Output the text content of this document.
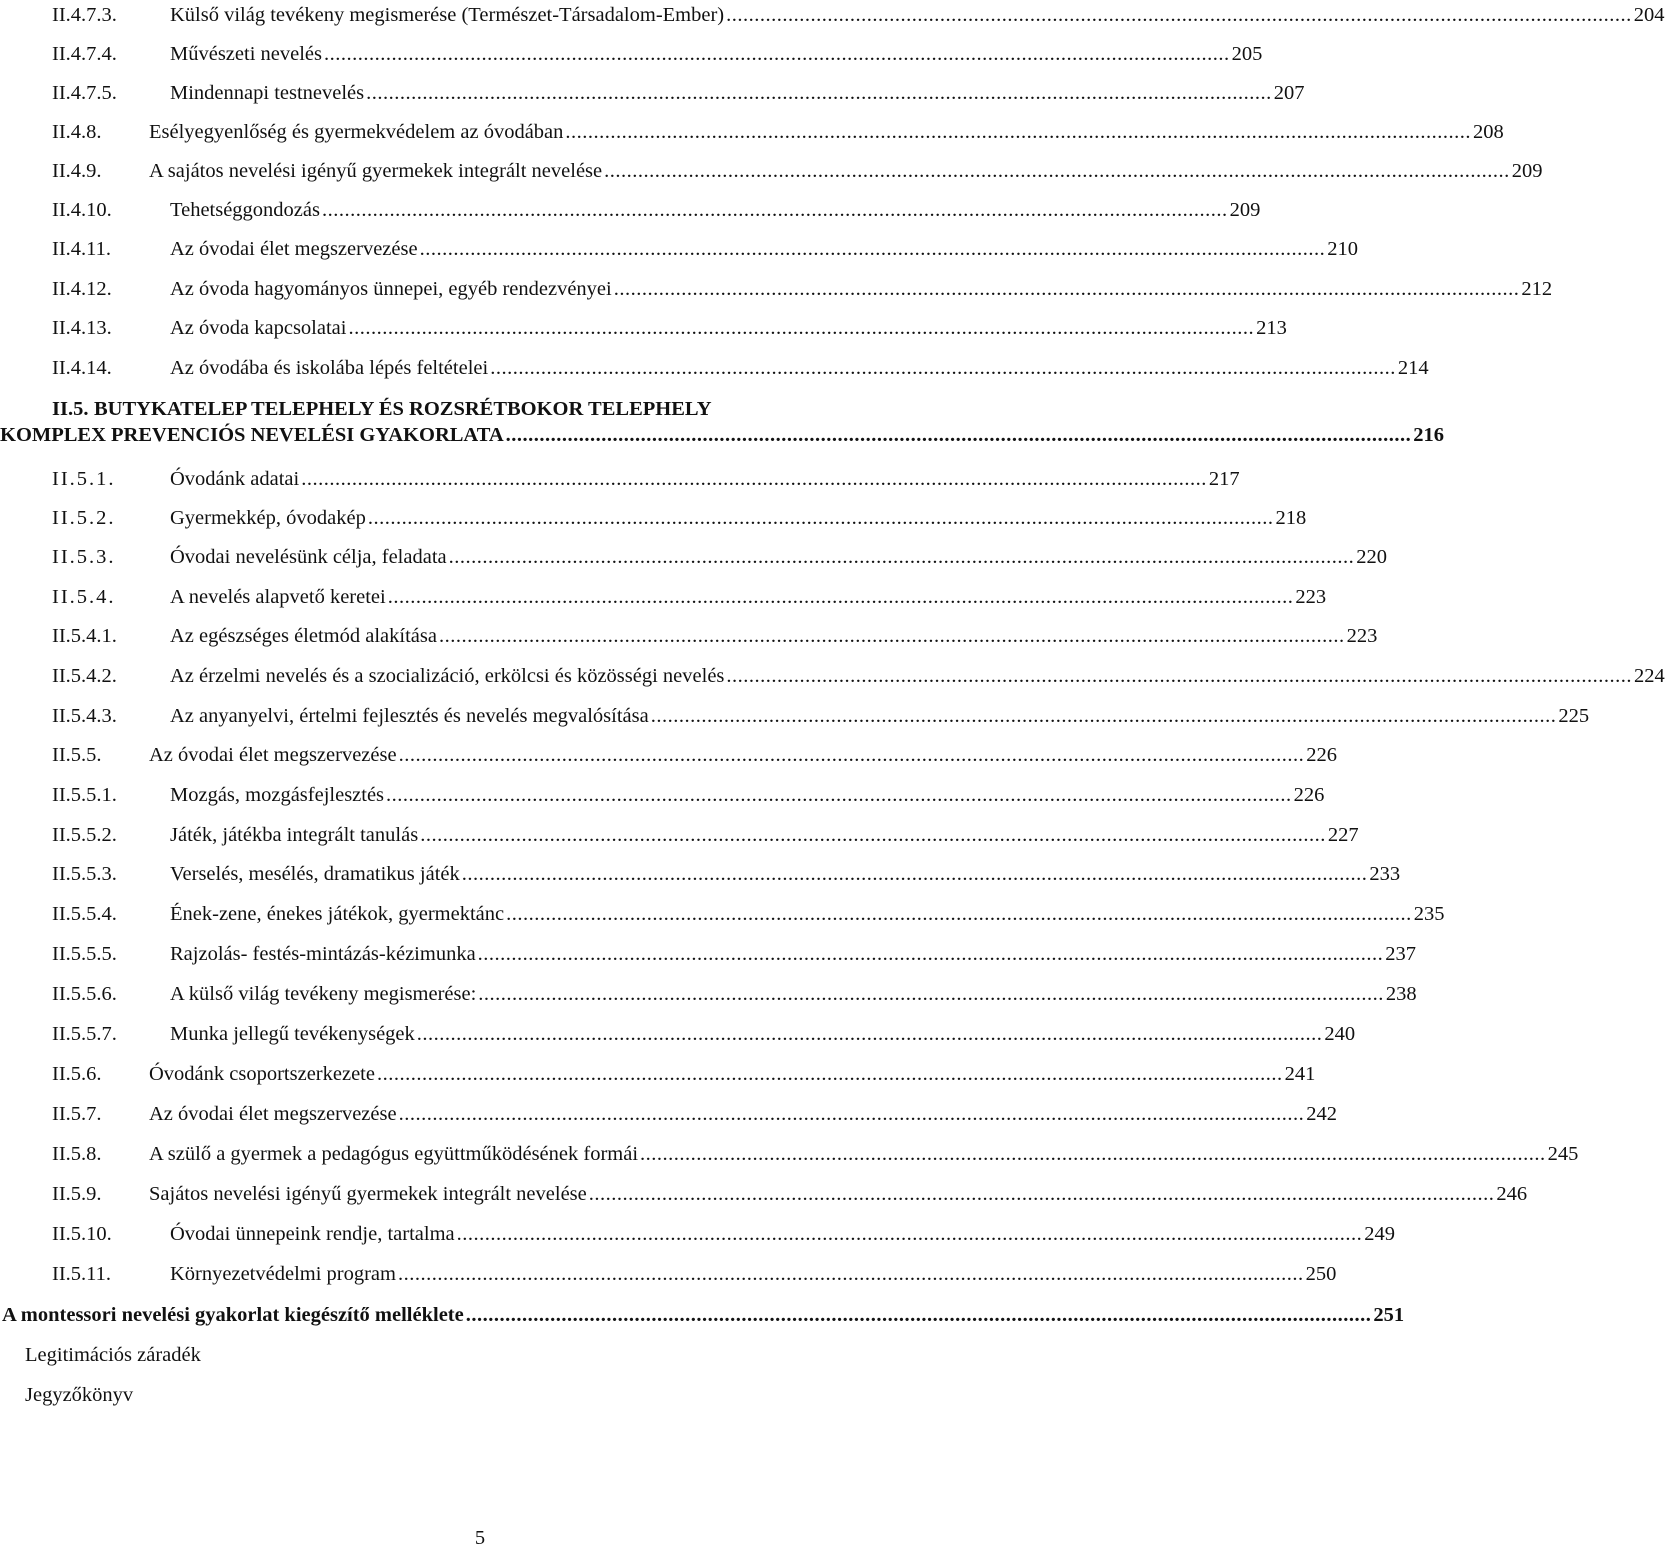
II.4.7.3.	Külső világ tevékeny megismerése (Természet-Társadalom-Ember) ................................................................................................................................................................. 204
II.4.7.4.	Művészeti nevelés ................................................................................................................................................................. 205
II.4.7.5.	Mindennapi testnevelés ................................................................................................................................................................. 207
II.4.8.	Esélyegyenlőség és gyermekvédelem az óvodában ................................................................................................................................................................. 208
II.4.9.	A sajátos nevelési igényű gyermekek integrált nevelése ................................................................................................................................................................. 209
II.4.10.	Tehetséggondozás ................................................................................................................................................................. 209
II.4.11.	Az óvodai élet megszervezése ................................................................................................................................................................. 210
II.4.12.	Az óvoda hagyományos ünnepei, egyéb rendezvényei ................................................................................................................................................................. 212
II.4.13.	Az óvoda kapcsolatai ................................................................................................................................................................. 213
II.4.14.	Az óvodába és iskolába lépés feltételei ................................................................................................................................................................. 214
II.5. BUTYKATELEP TELEPHELY ÉS ROZSRÉTBOKOR TELEPHELY
KOMPLEX PREVENCIÓS NEVELÉSI GYAKORLATA ................................................................................................................................................................. 216
II.5.1.	Óvodánk adatai ................................................................................................................................................................. 217
II.5.2.	Gyermekkép, óvodakép ................................................................................................................................................................. 218
II.5.3.	Óvodai nevelésünk célja, feladata ................................................................................................................................................................. 220
II.5.4.	A nevelés alapvető keretei ................................................................................................................................................................. 223
II.5.4.1.	Az egészséges életmód alakítása ................................................................................................................................................................. 223
II.5.4.2.	Az érzelmi nevelés és a szocializáció, erkölcsi és közösségi nevelés ................................................................................................................................................................. 224
II.5.4.3.	Az anyanyelvi, értelmi fejlesztés és nevelés megvalósítása ................................................................................................................................................................. 225
II.5.5.	Az óvodai élet megszervezése ................................................................................................................................................................. 226
II.5.5.1.	Mozgás, mozgásfejlesztés ................................................................................................................................................................. 226
II.5.5.2.	Játék, játékba integrált tanulás ................................................................................................................................................................. 227
II.5.5.3.	Verselés, mesélés, dramatikus játék ................................................................................................................................................................. 233
II.5.5.4.	Ének-zene, énekes játékok, gyermektánc ................................................................................................................................................................. 235
II.5.5.5.	Rajzolás- festés-mintázás-kézimunka ................................................................................................................................................................. 237
II.5.5.6.	A külső világ tevékeny megismerése: ................................................................................................................................................................. 238
II.5.5.7.	Munka jellegű tevékenységek ................................................................................................................................................................. 240
II.5.6.	Óvodánk csoportszerkezete ................................................................................................................................................................. 241
II.5.7.	Az óvodai élet megszervezése ................................................................................................................................................................. 242
II.5.8.	A szülő a gyermek a pedagógus együttműködésének formái ................................................................................................................................................................. 245
II.5.9.	Sajátos nevelési igényű gyermekek integrált nevelése ................................................................................................................................................................. 246
II.5.10.	Óvodai ünnepeink rendje, tartalma ................................................................................................................................................................. 249
II.5.11.	Környezetvédelmi program ................................................................................................................................................................. 250
A montessori nevelési gyakorlat kiegészítő melléklete ................................................................................................................................................................. 251
Legitimációs záradék
Jegyzőkönyv
5
